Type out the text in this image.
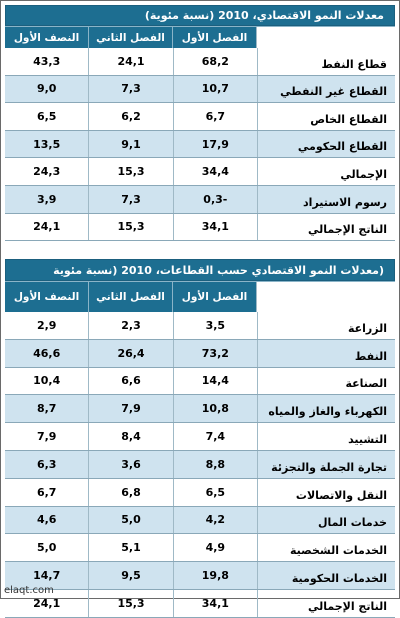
معدلات النمو الاقتصادي، 2010 (نسبة مئوية)
الفصل الأول
الفصل الثاني
النصف الأول
قطاع النفط
68,2
24,1
43,3
القطاع غير النفطي
10,7
7,3
9,0
القطاع الخاص
6,7
6,2
6,5
القطاع الحكومي
17,9
9,1
13,5
الإجمالي
34,4
15,3
24,3
رسوم الاستيراد
-0,3
7,3
3,9
الناتج الإجمالي
34,1
15,3
24,1
(معدلات النمو الاقتصادي حسب القطاعات، 2010 (نسبة مئوية
الفصل الأول
الفصل الثاني
النصف الأول
الزراعة
3,5
2,3
2,9
النفط
73,2
26,4
46,6
الصناعة
14,4
6,6
10,4
الكهرباء والغاز والمياه
10,8
7,9
8,7
التشييد
7,4
8,4
7,9
تجارة الجملة والتجزئة
8,8
3,6
6,3
النقل والاتصالات
6,5
6,8
6,7
خدمات المال
4,2
5,0
4,6
الخدمات الشخصية
4,9
5,1
5,0
الخدمات الحكومية
19,8
9,5
14,7
الناتج الإجمالي
34,1
15,3
24,1
elaqt.com
